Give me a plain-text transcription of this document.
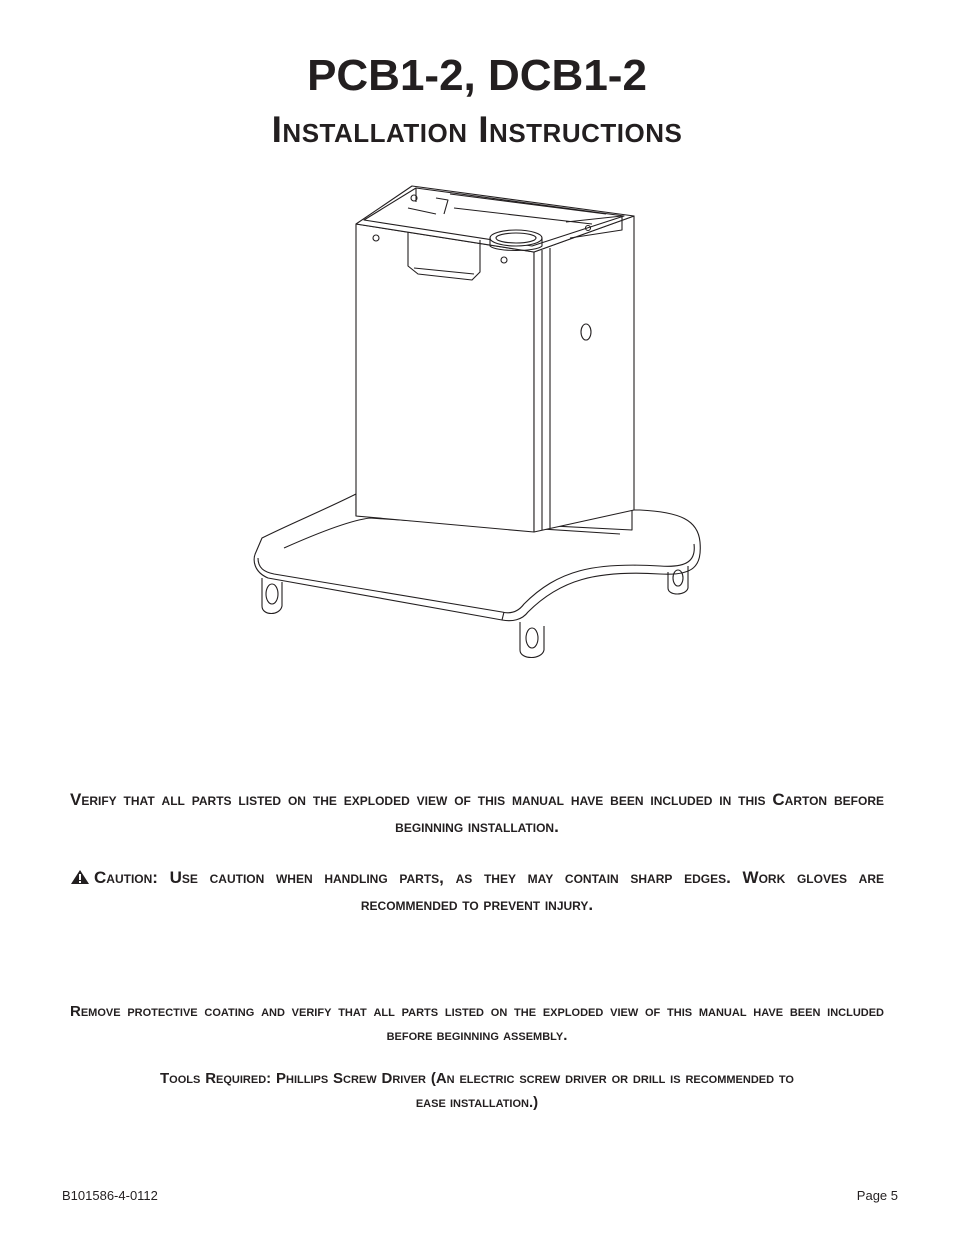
PCB1-2, DCB1-2
Installation Instructions

Verify that all parts listed on the exploded view of this manual have been included in this Carton before beginning installation.

Caution: Use caution when handling parts, as they may contain sharp edges. Work gloves are recommended to prevent injury.

Remove protective coating and verify that all parts listed on the exploded view of this manual have been included before beginning assembly.

Tools Required: Phillips Screw Driver (An electric screw driver or drill is recommended to ease installation.)

B101586-4-0112	Page 5
